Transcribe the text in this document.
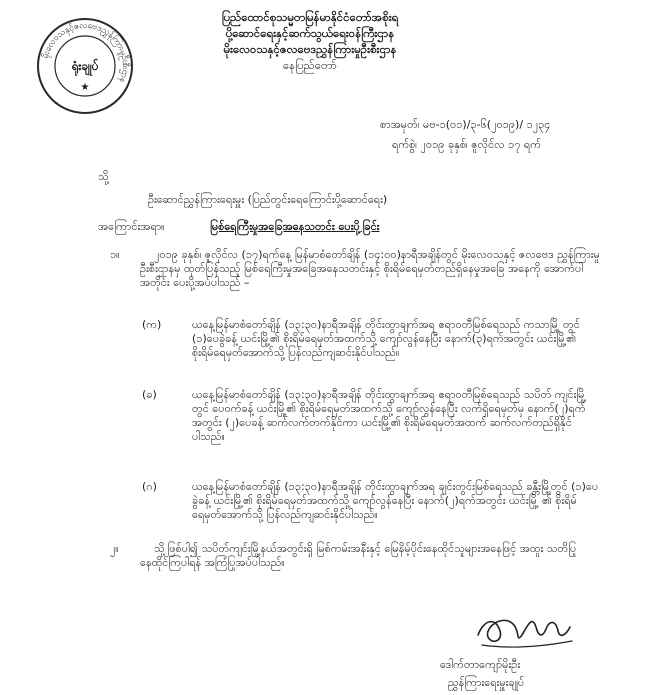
မိုးလေဝသနှင့်ဇလဗေဒညွှန်ကြားမှုဦးစီးဌာန
ရုံးချုပ်
★
ပြည်ထောင်စုသမ္မတမြန်မာနိုင်ငံတော်အစိုးရ
ပို့ဆောင်ရေးနှင့်ဆက်သွယ်ရေးဝန်ကြီးဌာန
မိုးလေဝသနှင့်ဇလဗေဒညွှန်ကြားမှုဦးစီးဌာန
နေပြည်တော်
စာအမှတ်၊ မဗ-၁(၀၁)/၃-၆(၂၀၁၉)/ ၁၂၃၄
ရက်စွဲ၊ ၂၀၁၉ ခုနှစ်၊ ဇူလိုင်လ ၁၇ ရက်
သို့
ဦးဆောင်ညွှန်ကြားရေးမှူး (ပြည်တွင်းရေကြောင်းပို့ဆောင်ရေး)
အကြောင်းအရာ။	မြစ်ရေကြီးမှုအခြေအနေသတင်း ပေးပို့ခြင်း
၁။	၂၀၁၉ ခုနှစ်၊ ဇူလိုင်လ (၁၇)ရက်နေ့ မြန်မာစံတော်ချိန် (၁၄:၀၀)နာရီအချိန်တွင် မိုးလေဝသနှင့် ဇလဗေဒ ညွှန်ကြားမှုဦးစီးဌာနမှ ထုတ်ပြန်သည့် မြစ်ရေကြီးမှုအခြေအနေသတင်းနှင့် စိုးရိမ်ရေမှတ်တည်ရှိနေမှုအခြေ အနေကို အောက်ပါအတိုင်း ပေးပို့အပ်ပါသည် –
(က)	ယနေ့မြန်မာစံတော်ချိန် (၁၃:၃၀)နာရီအချိန် တိုင်းထွာချက်အရ ဧရာဝတီမြစ်ရေသည် ကသာမြို့ တွင် (၁)ပေခွဲခန့် ယင်းမြို့၏ စိုးရိမ်ရေမှတ်အထက်သို့ ကျော်လွန်နေပြီး နောက်(၃)ရက်အတွင်း ယင်းမြို့၏ စိုးရိမ်ရေမှတ်အောက်သို့ ပြန်လည်ကျဆင်းနိုင်ပါသည်။
(ခ)	ယနေ့မြန်မာစံတော်ချိန် (၁၃:၃၀)နာရီအချိန် တိုင်းထွာချက်အရ ဧရာဝတီမြစ်ရေသည် သပိတ် ကျင်းမြို့တွင် ပေ၀က်ခန့် ယင်းမြို့၏ စိုးရိမ်ရေမှတ်အထက်သို့ ကျော်လွန်နေပြီး လက်ရှိရေမှတ်မှ နောက်(၂)ရက်အတွင်း (၂)ပေခန့် ဆက်လက်တက်နိုင်ကာ ယင်းမြို့၏ စိုးရိမ်ရေမှတ်အထက် ဆက်လက်တည်ရှိနိုင်ပါသည်။
(ဂ)	ယနေ့မြန်မာစံတော်ချိန် (၁၃:၃၀)နာရီအချိန် တိုင်းထွာချက်အရ ချင်းတွင်းမြစ်ရေသည် ခန္တီးမြို့တွင် (၁)ပေခွဲခန့် ယင်းမြို့၏ စိုးရိမ်ရေမှတ်အထက်သို့ ကျော်လွန်နေပြီး နောက်(၂)ရက်အတွင်း ယင်းမြို့ ၏ စိုးရိမ်ရေမှတ်အောက်သို့ ပြန်လည်ကျဆင်းနိုင်ပါသည်။
၂။	သို့ဖြစ်ပါ၍ သပိတ်ကျင်းမြို့နယ်အတွင်းရှိ မြစ်ကမ်းအနီးနှင့် မြေနိမ့်ပိုင်းနေထိုင်သူများအနေဖြင့် အထူး သတိပြုနေထိုင်ကြပါရန် အကြံပြုအပ်ပါသည်။
ဒေါက်တာကျော်မိုးဦး
ညွှန်ကြားရေးမှူးချုပ်
